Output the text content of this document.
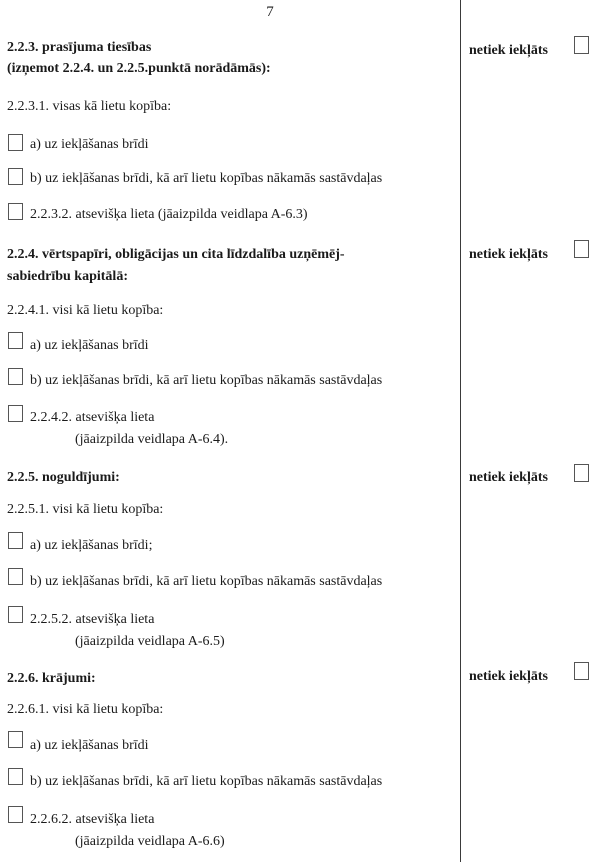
7
2.2.3. prasījuma tiesības
(izņemot 2.2.4. un 2.2.5.punktā norādāmās):
netiek iekļāts
2.2.3.1. visas kā lietu kopība:
a) uz iekļāšanas brīdi
b) uz iekļāšanas brīdi, kā arī lietu kopības nākamās sastāvdaļas
2.2.3.2. atsevišķa lieta (jāaizpilda veidlapa A-6.3)
2.2.4. vērtspapīri, obligācijas un cita līdzdalība uzņēmēj-
sabiedrību kapitālā:
netiek iekļāts
2.2.4.1. visi kā lietu kopība:
a) uz iekļāšanas brīdi
b) uz iekļāšanas brīdi, kā arī lietu kopības nākamās sastāvdaļas
2.2.4.2. atsevišķa lieta
(jāaizpilda veidlapa A-6.4).
2.2.5. noguldījumi:	netiek iekļāts
2.2.5.1. visi kā lietu kopība:
a) uz iekļāšanas brīdi;
b) uz iekļāšanas brīdi, kā arī lietu kopības nākamās sastāvdaļas
2.2.5.2. atsevišķa lieta
(jāaizpilda veidlapa A-6.5)
2.2.6. krājumi:	netiek iekļāts
2.2.6.1. visi kā lietu kopība:
a) uz iekļāšanas brīdi
b) uz iekļāšanas brīdi, kā arī lietu kopības nākamās sastāvdaļas
2.2.6.2. atsevišķa lieta
(jāaizpilda veidlapa A-6.6)
